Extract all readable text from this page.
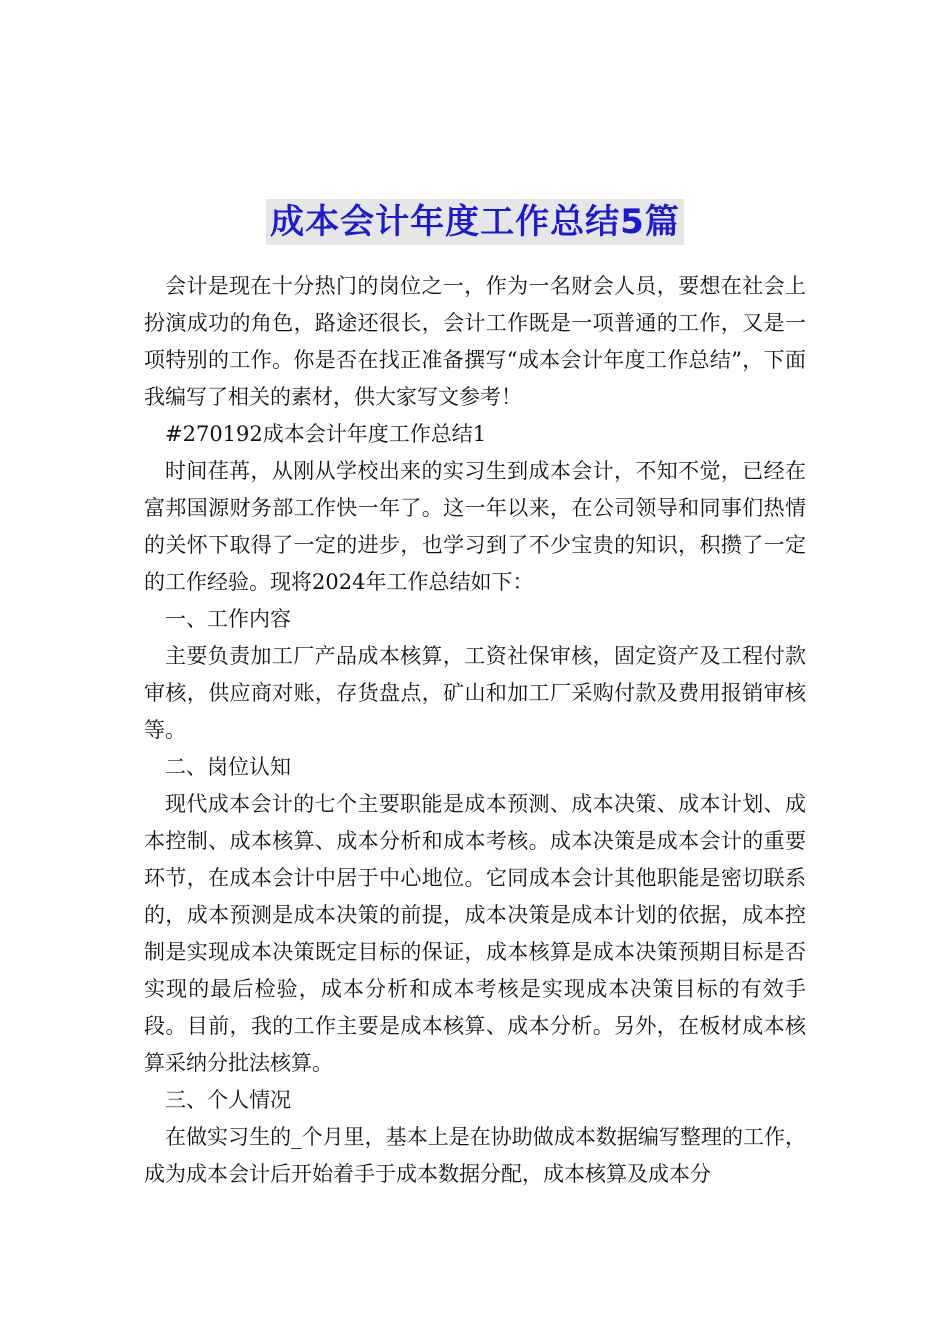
成本会计年度工作总结5篇

会计是现在十分热门的岗位之一，作为一名财会人员，要想在社会上扮演成功的角色，路途还很长，会计工作既是一项普通的工作，又是一项特别的工作。你是否在找正准备撰写“成本会计年度工作总结”，下面我编写了相关的素材，供大家写文参考！

#270192成本会计年度工作总结1

时间荏苒，从刚从学校出来的实习生到成本会计，不知不觉，已经在富邦国源财务部工作快一年了。这一年以来，在公司领导和同事们热情的关怀下取得了一定的进步，也学习到了不少宝贵的知识，积攒了一定的工作经验。现将2024年工作总结如下：

一、工作内容

主要负责加工厂产品成本核算，工资社保审核，固定资产及工程付款审核，供应商对账，存货盘点，矿山和加工厂采购付款及费用报销审核等。

二、岗位认知

现代成本会计的七个主要职能是成本预测、成本决策、成本计划、成本控制、成本核算、成本分析和成本考核。成本决策是成本会计的重要环节，在成本会计中居于中心地位。它同成本会计其他职能是密切联系的，成本预测是成本决策的前提，成本决策是成本计划的依据，成本控制是实现成本决策既定目标的保证，成本核算是成本决策预期目标是否实现的最后检验，成本分析和成本考核是实现成本决策目标的有效手段。目前，我的工作主要是成本核算、成本分析。另外，在板材成本核算采纳分批法核算。

三、个人情况

在做实习生的_个月里，基本上是在协助做成本数据编写整理的工作，成为成本会计后开始着手于成本数据分配，成本核算及成本分
